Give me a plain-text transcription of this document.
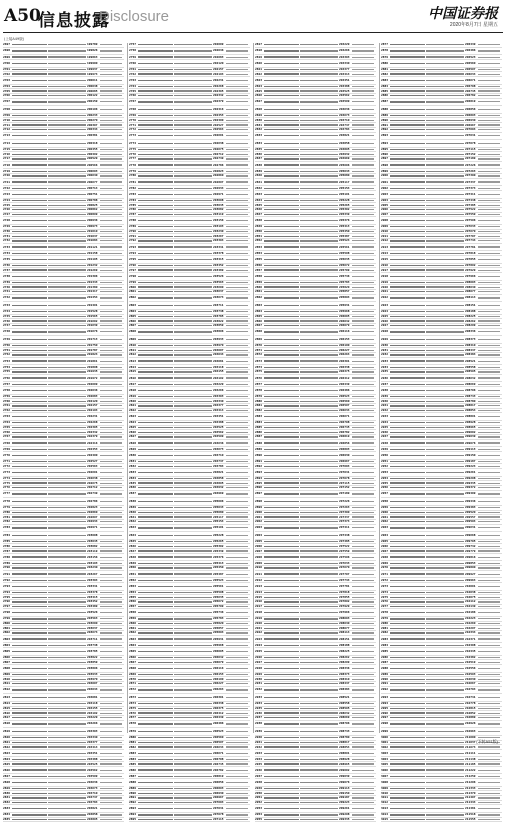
A50
信息披露
Disclosure	中国证券报
2020年8月7日 星期五
(上接A49版)
2697	199789
2698	199826
2699	199863
2700	199900
2701	199937
2702	199974
2703	200011
2704	200048
2705	200085
2706	200122
2707	200159
2708	200196
2709	200233
2710	200270
2711	200307
2712	200344
2713	200381
2714	200418
2715	200455
2716	200492
2717	200529
2718	200566
2719	200603
2720	200640
2721	200677
2722	200714
2723	200751
2724	200788
2725	200825
2726	200862
2727	200899
2728	200936
2729	200973
2730	201010
2731	201047
2732	201084
2733	201121
2734	201158
2735	201195
2736	201232
2737	201269
2738	201306
2739	201343
2740	201380
2741	201417
2742	201454
2743	201491
2744	201528
2745	201565
2746	201602
2747	201639
2748	201676
2749	201713
2750	201750
2751	201787
2752	201824
2753	201861
2754	201898
2755	201935
2756	201972
2757	202009
2758	202046
2759	202083
2760	202120
2761	202157
2762	202194
2763	202231
2764	202268
2765	202305
2766	202342
2767	202379
2768	202416
2769	202453
2770	202490
2771	202527
2772	202564
2773	202601
2774	202638
2775	202675
2776	202712
2777	202749
2778	202786
2779	202823
2780	202860
2781	202897
2782	202934
2783	202971
2784	203008
2785	203045
2786	203082
2787	203119
2788	203156
2789	203193
2790	203230
2791	203267
2792	203304
2793	203341
2794	203378
2795	203415
2796	203452
2797	203489
2798	203526
2799	203563
2800	203600
2801	203637
2802	203674
2803	203711
2804	203748
2805	203785
2806	203822
2807	203859
2808	203896
2809	203933
2810	203970
2811	204007
2812	204044
2813	204081
2814	204118
2815	204155
2816	204192
2817	204229
2818	204266
2819	204303
2820	204340
2821	204377
2822	204414
2823	204451
2824	204488
2825	204525
2826	204562
2827	204599
2828	204636
2829	204673
2830	204710
2831	204747
2832	204784
2833	204821
2834	204858
2835	204895
2757	202009
2758	202046
2759	202083
2760	202120
2761	202157
2762	202194
2763	202231
2764	202268
2765	202305
2766	202342
2767	202379
2768	202416
2769	202453
2770	202490
2771	202527
2772	202564
2773	202601
2774	202638
2775	202675
2776	202712
2777	202749
2778	202786
2779	202823
2780	202860
2781	202897
2782	202934
2783	202971
2784	203008
2785	203045
2786	203082
2787	203119
2788	203156
2789	203193
2790	203230
2791	203267
2792	203304
2793	203341
2794	203378
2795	203415
2796	203452
2797	203489
2798	203526
2799	203563
2800	203600
2801	203637
2802	203674
2803	203711
2804	203748
2805	203785
2806	203822
2807	203859
2808	203896
2809	203933
2810	203970
2811	204007
2812	204044
2813	204081
2814	204118
2815	204155
2816	204192
2817	204229
2818	204266
2819	204303
2820	204340
2821	204377
2822	204414
2823	204451
2824	204488
2825	204525
2826	204562
2827	204599
2828	204636
2829	204673
2830	204710
2831	204747
2832	204784
2833	204821
2834	204858
2835	204895
2836	204932
2837	204969
2838	205006
2839	205043
2840	205080
2841	205117
2842	205154
2843	205191
2844	205228
2845	205265
2846	205302
2847	205339
2848	205376
2849	205413
2850	205450
2851	205487
2852	205524
2853	205561
2854	205598
2855	205635
2856	205672
2857	205709
2858	205746
2859	205783
2860	205820
2861	205857
2862	205894
2863	205931
2864	205968
2865	206005
2866	206042
2867	206079
2868	206116
2869	206153
2870	206190
2871	206227
2872	206264
2873	206301
2874	206338
2875	206375
2876	206412
2877	206449
2878	206486
2879	206523
2880	206560
2881	206597
2882	206634
2883	206671
2884	206708
2885	206745
2886	206782
2887	206819
2888	206856
2889	206893
2890	206930
2891	206967
2892	207004
2893	207041
2894	207078
2895	207115
2817	204229
2818	204266
2819	204303
2820	204340
2821	204377
2822	204414
2823	204451
2824	204488
2825	204525
2826	204562
2827	204599
2828	204636
2829	204673
2830	204710
2831	204747
2832	204784
2833	204821
2834	204858
2835	204895
2836	204932
2837	204969
2838	205006
2839	205043
2840	205080
2841	205117
2842	205154
2843	205191
2844	205228
2845	205265
2846	205302
2847	205339
2848	205376
2849	205413
2850	205450
2851	205487
2852	205524
2853	205561
2854	205598
2855	205635
2856	205672
2857	205709
2858	205746
2859	205783
2860	205820
2861	205857
2862	205894
2863	205931
2864	205968
2865	206005
2866	206042
2867	206079
2868	206116
2869	206153
2870	206190
2871	206227
2872	206264
2873	206301
2874	206338
2875	206375
2876	206412
2877	206449
2878	206486
2879	206523
2880	206560
2881	206597
2882	206634
2883	206671
2884	206708
2885	206745
2886	206782
2887	206819
2888	206856
2889	206893
2890	206930
2891	206967
2892	207004
2893	207041
2894	207078
2895	207115
2896	207152
2897	207189
2898	207226
2899	207263
2900	207300
2901	207337
2902	207374
2903	207411
2904	207448
2905	207485
2906	207522
2907	207559
2908	207596
2909	207633
2910	207670
2911	207707
2912	207744
2913	207781
2914	207818
2915	207855
2916	207892
2917	207929
2918	207966
2919	208003
2920	208040
2921	208077
2922	208114
2923	208151
2924	208188
2925	208225
2926	208262
2927	208299
2928	208336
2929	208373
2930	208410
2931	208447
2932	208484
2933	208521
2934	208558
2935	208595
2936	208632
2937	208669
2938	208706
2939	208743
2940	208780
2941	208817
2942	208854
2943	208891
2944	208928
2945	208965
2946	209002
2947	209039
2948	209076
2949	209113
2950	209150
2951	209187
2952	209224
2953	209261
2954	209298
2955	209335
2877	206449
2878	206486
2879	206523
2880	206560
2881	206597
2882	206634
2883	206671
2884	206708
2885	206745
2886	206782
2887	206819
2888	206856
2889	206893
2890	206930
2891	206967
2892	207004
2893	207041
2894	207078
2895	207115
2896	207152
2897	207189
2898	207226
2899	207263
2900	207300
2901	207337
2902	207374
2903	207411
2904	207448
2905	207485
2906	207522
2907	207559
2908	207596
2909	207633
2910	207670
2911	207707
2912	207744
2913	207781
2914	207818
2915	207855
2916	207892
2917	207929
2918	207966
2919	208003
2920	208040
2921	208077
2922	208114
2923	208151
2924	208188
2925	208225
2926	208262
2927	208299
2928	208336
2929	208373
2930	208410
2931	208447
2932	208484
2933	208521
2934	208558
2935	208595
2936	208632
2937	208669
2938	208706
2939	208743
2940	208780
2941	208817
2942	208854
2943	208891
2944	208928
2945	208965
2946	209002
2947	209039
2948	209076
2949	209113
2950	209150
2951	209187
2952	209224
2953	209261
2954	209298
2955	209335
2956	209372
2957	209409
2958	209446
2959	209483
2960	209520
2961	209557
2962	209594
2963	209631
2964	209668
2965	209705
2966	209742
2967	209779
2968	209816
2969	209853
2970	209890
2971	209927
2972	209964
2973	210001
2974	210038
2975	210075
2976	210112
2977	210149
2978	210186
2979	210223
2980	210260
2981	210297
2982	210334
2983	210371
2984	210408
2985	210445
2986	210482
2987	210519
2988	210556
2989	210593
2990	210630
2991	210667
2992	210704
2993	210741
2994	210778
2995	210815
2996	210852
2997	210889
2998	210926
2999	210963
3000	211000
3001	211037
3002	211074
3003	211111
3004	211148
3005	211185
3006	211222
3007	211259
3008	211296
3009	211333
3010	211370
3011	211407
3012	211444
3013	211481
3014	211518
3015	211555
(下转A51版)
